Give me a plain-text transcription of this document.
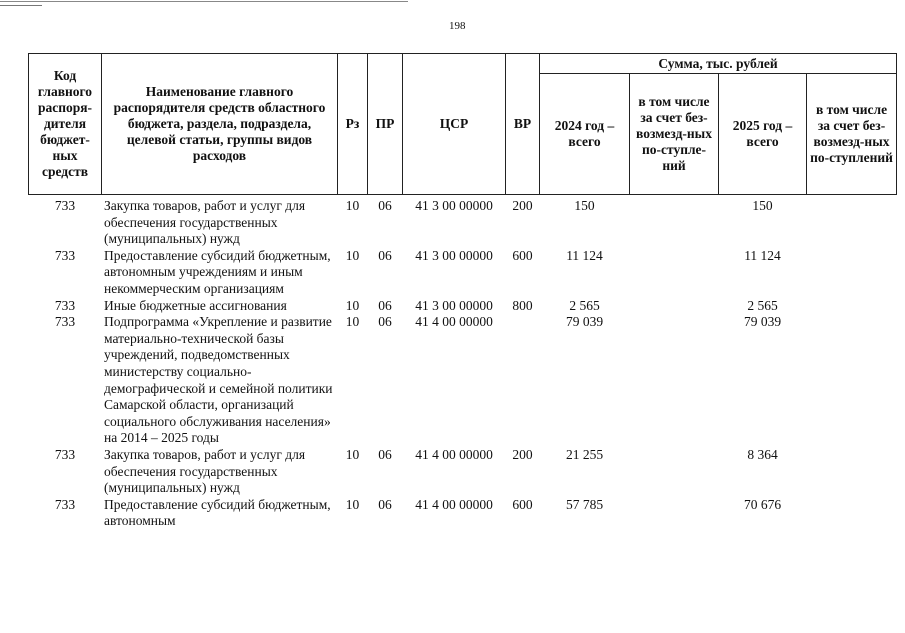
198
Код главного распоря-дителя бюджет-ных средств	Наименование главного распорядителя средств областного бюджета, раздела, подраздела, целевой статьи, группы видов расходов	Рз	ПР	ЦСР	ВР	Сумма, тыс. рублей			
						2024 год – всего	в том числе за счет без-возмезд-ных по-ступле-ний	2025 год – всего	в том числе за счет без-возмезд-ных по-ступлений
733	Закупка товаров, работ и услуг для обеспечения государственных (муниципальных) нужд	10	06	41 3 00 00000	200	150		150	
733	Предоставление субсидий бюджетным, автономным учреждениям и иным некоммерческим организациям	10	06	41 3 00 00000	600	11 124		11 124	
733	Иные бюджетные ассигнования	10	06	41 3 00 00000	800	2 565		2 565	
733	Подпрограмма «Укрепление и развитие материально-технической базы учреждений, подведомственных министерству социально-демографической и семейной политики Самарской области, организаций социального обслуживания населения» на 2014 – 2025 годы	10	06	41 4 00 00000		79 039		79 039	
733	Закупка товаров, работ и услуг для обеспечения государственных (муниципальных) нужд	10	06	41 4 00 00000	200	21 255		8 364	
733	Предоставление субсидий бюджетным, автономным	10	06	41 4 00 00000	600	57 785		70 676	
